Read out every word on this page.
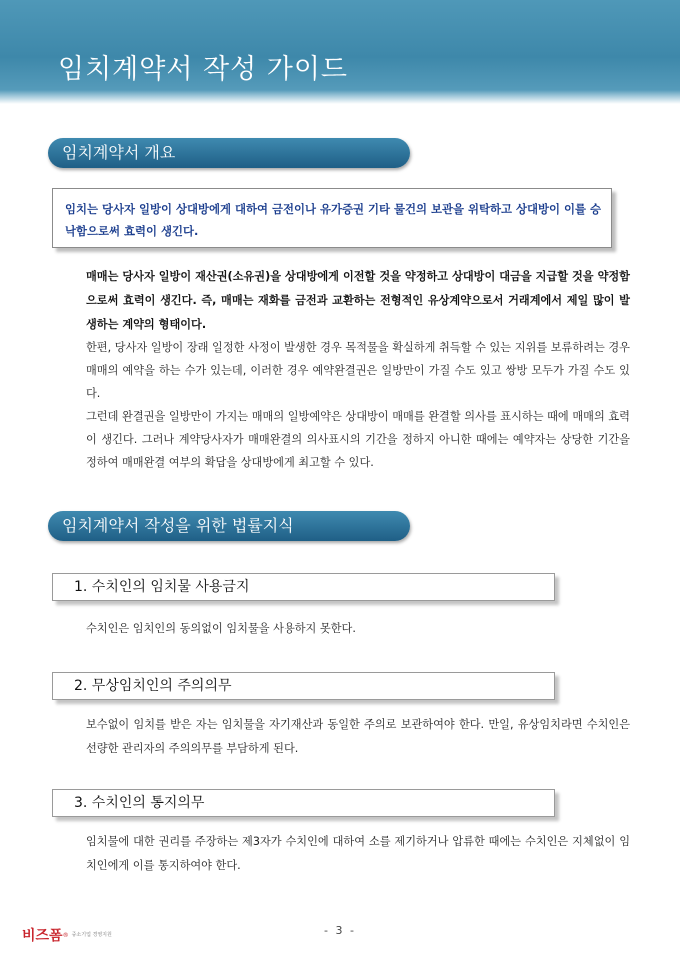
임치계약서 작성 가이드
임치계약서 개요
임치는 당사자 일방이 상대방에게 대하여 금전이나 유가증권 기타 물건의 보관을 위탁하고 상대방이 이를 승낙함으로써 효력이 생긴다.
매매는 당사자 일방이 재산권(소유권)을 상대방에게 이전할 것을 약정하고 상대방이 대금을 지급할 것을 약정함으로써 효력이 생긴다. 즉, 매매는 재화를 금전과 교환하는 전형적인 유상계약으로서 거래계에서 제일 많이 발생하는 계약의 형태이다.
한편, 당사자 일방이 장래 일정한 사정이 발생한 경우 목적물을 확실하게 취득할 수 있는 지위를 보류하려는 경우 매매의 예약을 하는 수가 있는데, 이러한 경우 예약완결권은 일방만이 가질 수도 있고 쌍방 모두가 가질 수도 있다.
그런데 완결권을 일방만이 가지는 매매의 일방예약은 상대방이 매매를 완결할 의사를 표시하는 때에 매매의 효력이 생긴다. 그러나 계약당사자가 매매완결의 의사표시의 기간을 정하지 아니한 때에는 예약자는 상당한 기간을 정하여 매매완결 여부의 확답을 상대방에게 최고할 수 있다.
임치계약서 작성을 위한 법률지식
1. 수치인의 임치물 사용금지
수치인은 임치인의 동의없이 임치물을 사용하지 못한다.
2. 무상임치인의 주의의무
보수없이 임치를 받은 자는 임치물을 자기재산과 동일한 주의로 보관하여야 한다. 만일, 유상임치라면 수치인은 선량한 관리자의 주의의무를 부담하게 된다.
3. 수치인의 통지의무
임치물에 대한 권리를 주장하는 제3자가 수치인에 대하여 소를 제기하거나 압류한 때에는 수치인은 지체없이 임치인에게 이를 통지하여야 한다.
비즈폼 ® 중소기업 경영지원	- 3 -
